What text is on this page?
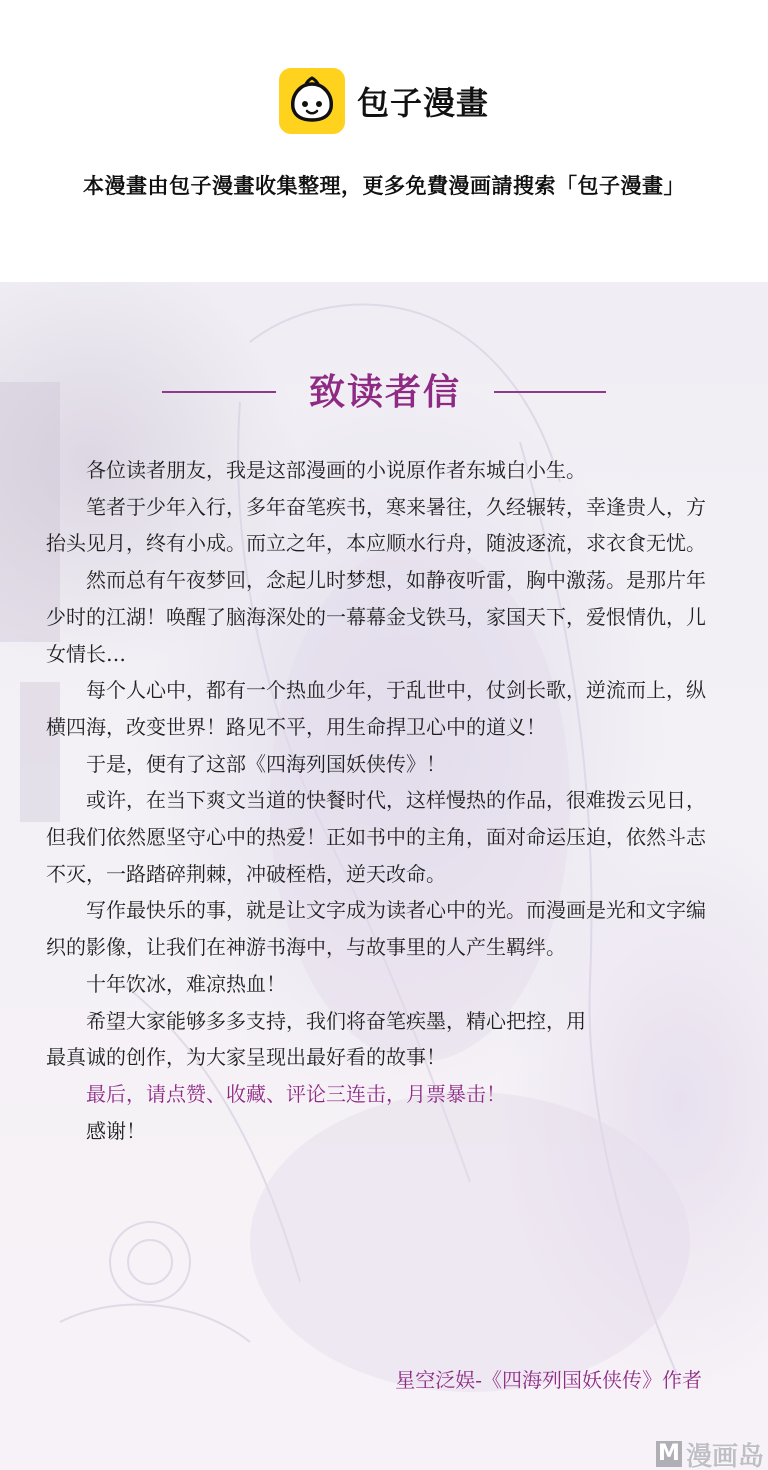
包子漫畫
本漫畫由包子漫畫收集整理，更多免費漫画請搜索「包子漫畫」
致读者信

各位读者朋友，我是这部漫画的小说原作者东城白小生。

笔者于少年入行，多年奋笔疾书，寒来暑往，久经辗转，幸逢贵人，方抬头见月，终有小成。而立之年，本应顺水行舟，随波逐流，求衣食无忧。

然而总有午夜梦回，念起儿时梦想，如静夜听雷，胸中激荡。是那片年少时的江湖！唤醒了脑海深处的一幕幕金戈铁马，家国天下，爱恨情仇，儿女情长…

每个人心中，都有一个热血少年，于乱世中，仗剑长歌，逆流而上，纵横四海，改变世界！路见不平，用生命捍卫心中的道义！

于是，便有了这部《四海列国妖侠传》！

或许，在当下爽文当道的快餐时代，这样慢热的作品，很难拨云见日，但我们依然愿坚守心中的热爱！正如书中的主角，面对命运压迫，依然斗志不灭，一路踏碎荆棘，冲破桎梏，逆天改命。

写作最快乐的事，就是让文字成为读者心中的光。而漫画是光和文字编织的影像，让我们在神游书海中，与故事里的人产生羁绊。

十年饮冰，难凉热血！

希望大家能够多多支持，我们将奋笔疾墨，精心把控，用

最真诚的创作，为大家呈现出最好看的故事！

最后，请点赞、收藏、评论三连击，月票暴击！

感谢！

星空泛娱-《四海列国妖侠传》作者
M 漫画岛
